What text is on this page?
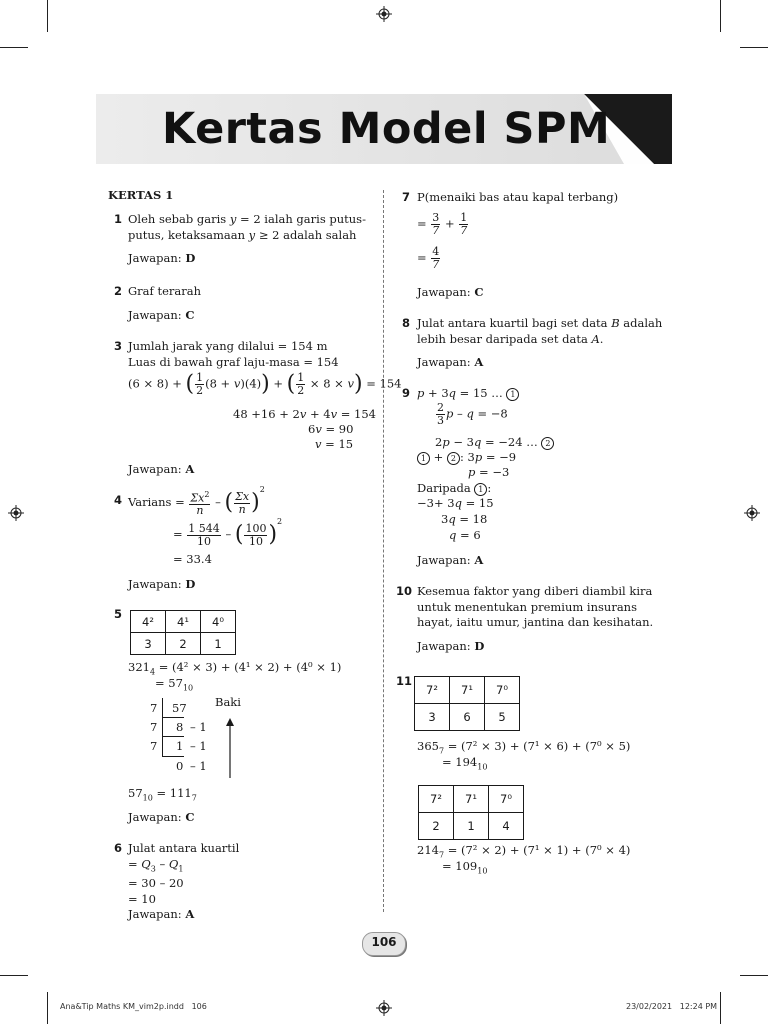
Kertas Model SPM
KERTAS 1
1 Oleh sebab garis y = 2 ialah garis putus-
putus, ketaksamaan y ≥ 2 adalah salah
Jawapan: D
2 Graf terarah
Jawapan: C
3 Jumlah jarak yang dilalui = 154 m
Luas di bawah graf laju-masa = 154
(6 × 8) + ( $\frac{1}{2} (8 + v)(4)$) + ( $\frac{1}{2} \times 8 \times v) = 154$
48 +16 + 2v + 4v = 154
6v = 90
v = 15
Jawapan: A
4 Varians = $\frac{\Sigma x^2}{n}$ – ( $\frac{\Sigma x}{n})^2$
= $\frac{1 544}{10}$ – ( $\frac{100}{10} )^2$
= 33.4
Jawapan: D
5
4²	4¹	4⁰
3	2	1
$321_4 = (4^2 \times 3) + (4^1 \times 2) + (4^0 \times 1)$
= $57_{10}$
Baki
7 57
7 8 – 1
7 1 – 1
0 – 1
$57_{10} = 111_7$
Jawapan: C
6 Julat antara kuartil
= $Q_3 - Q_1$
= 30 – 20
= 10
Jawapan: A
7 P(menaiki bas atau kapal terbang)
= $\frac{3}{7} + \frac{1}{7}$
= $\frac{4}{7}$
Jawapan: C
8 Julat antara kuartil bagi set data B adalah
lebih besar daripada set data A.
Jawapan: A
9 p + 3q = 15 … 1
$\frac{2}{3}$ p – q = −8
2p − 3q = −24 … 2
1 + 2 : 3p = −9
p = −3
Daripada 1 :
−3+ 3q = 15
3q = 18
q = 6
Jawapan: A
10 Kesemua faktor yang diberi diambil kira
untuk menentukan premium insurans
hayat, iaitu umur, jantina dan kesihatan.
Jawapan: D
11
7²	7¹	7⁰
3	6	5
$365_7 = (7^2 \times 3) + (7^1 \times 6) + (7^0 \times 5)$
= $194_{10}$
7²	7¹	7⁰
2	1	4
$214_7 = (7^2 \times 2) + (7^1 \times 1) + (7^0 \times 4)$
= $109_{10}$
106
Ana&Tip Maths KM_vim2p.indd   106	23/02/2021   12:24 PM
